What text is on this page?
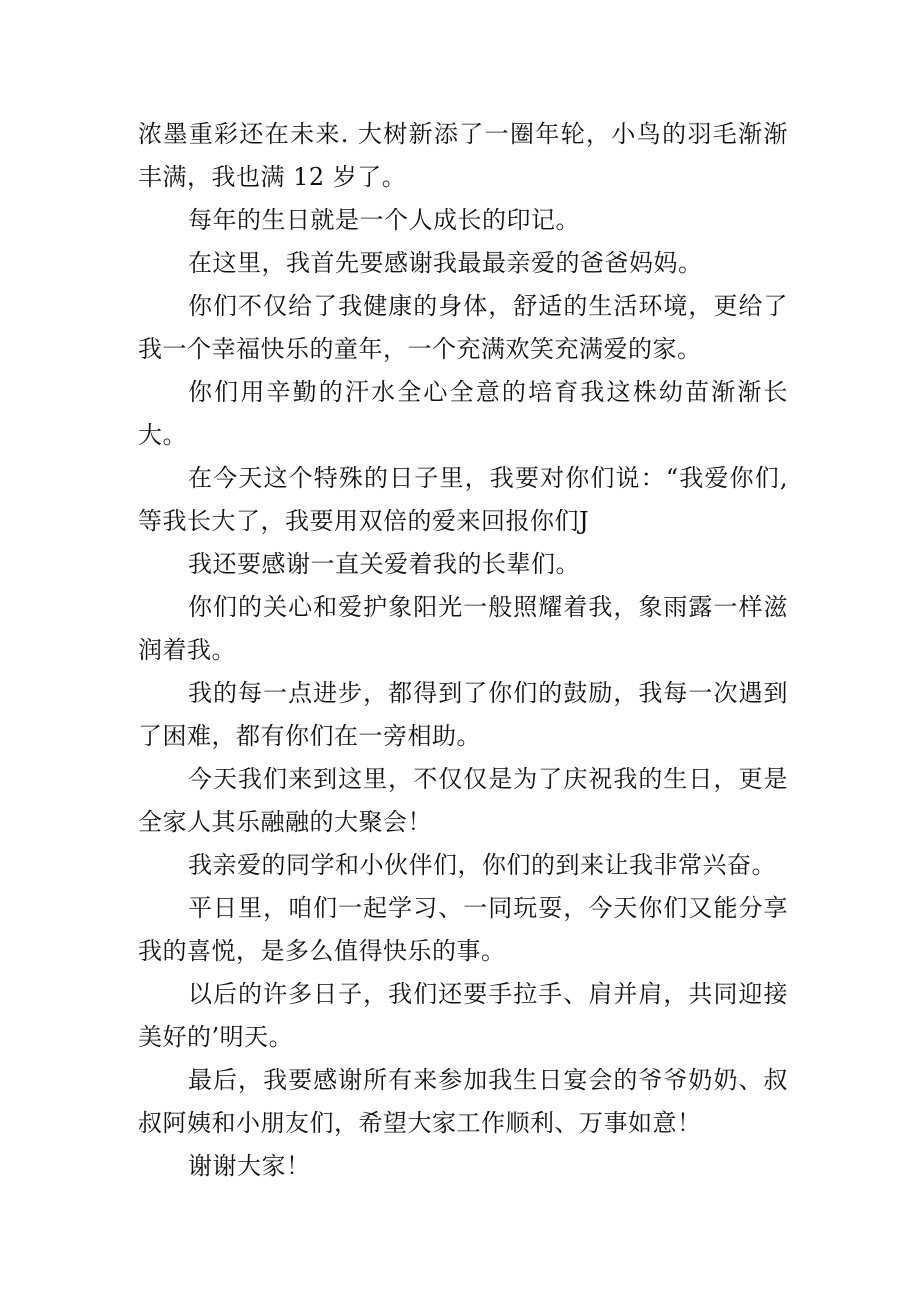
浓墨重彩还在未来. 大树新添了一圈年轮，小鸟的羽毛渐渐丰满，我也满 12 岁了。

每年的生日就是一个人成长的印记。

在这里，我首先要感谢我最最亲爱的爸爸妈妈。

你们不仅给了我健康的身体，舒适的生活环境，更给了我一个幸福快乐的童年，一个充满欢笑充满爱的家。

你们用辛勤的汗水全心全意的培育我这株幼苗渐渐长大。

在今天这个特殊的日子里，我要对你们说：“我爱你们,等我长大了，我要用双倍的爱来回报你们J

我还要感谢一直关爱着我的长辈们。

你们的关心和爱护象阳光一般照耀着我，象雨露一样滋润着我。

我的每一点进步，都得到了你们的鼓励，我每一次遇到了困难，都有你们在一旁相助。

今天我们来到这里，不仅仅是为了庆祝我的生日，更是全家人其乐融融的大聚会！

我亲爱的同学和小伙伴们，你们的到来让我非常兴奋。

平日里，咱们一起学习、一同玩耍，今天你们又能分享我的喜悦，是多么值得快乐的事。

以后的许多日子，我们还要手拉手、肩并肩，共同迎接美好的’明天。

最后，我要感谢所有来参加我生日宴会的爷爷奶奶、叔叔阿姨和小朋友们，希望大家工作顺利、万事如意！

谢谢大家！
